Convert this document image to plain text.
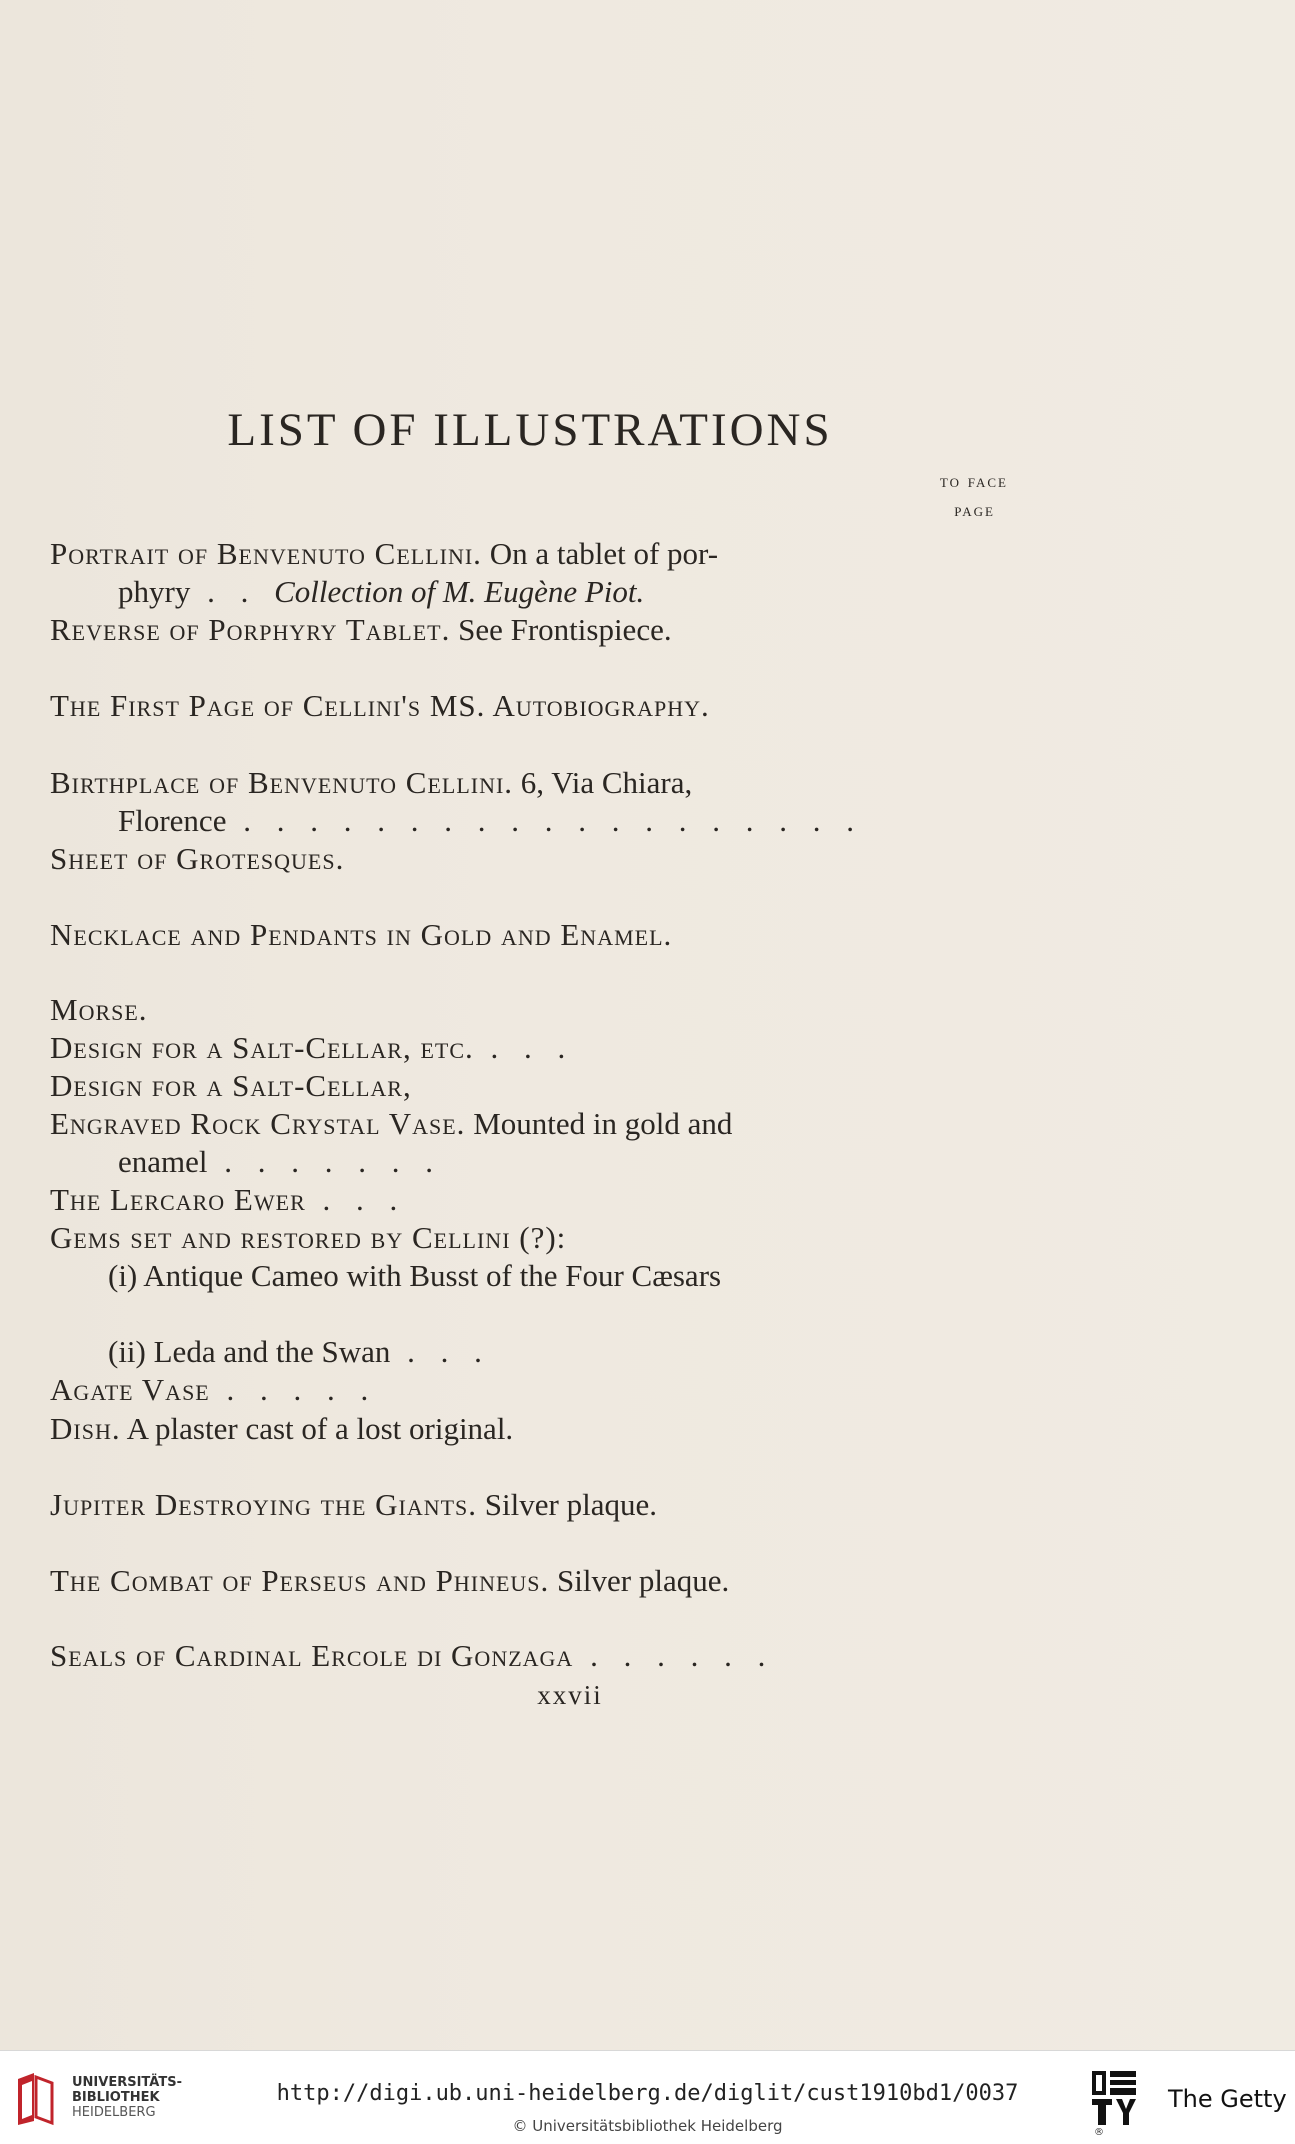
LIST OF ILLUSTRATIONS
to face
page
Portrait of Benvenuto Cellini. On a tablet of por-
phyry . . Collection of M. Eugène Piot.
Reverse of Porphyry Tablet. See Frontispiece.
The First Page of Cellini's MS. Autobiography.
Birthplace of Benvenuto Cellini. 6, Via Chiara,
Florence . . . . . . . . . . . . . . . . . . .
Sheet of Grotesques.
Necklace and Pendants in Gold and Enamel.
Morse.
Design for a Salt-Cellar, etc. . . .
Design for a Salt-Cellar,
Engraved Rock Crystal Vase. Mounted in gold and
enamel . . . . . . .
The Lercaro Ewer . . .
Gems set and restored by Cellini (?):
(i) Antique Cameo with Busst of the Four Cæsars
(ii) Leda and the Swan . . .
Agate Vase . . . . .
Dish. A plaster cast of a lost original.
Jupiter Destroying the Giants. Silver plaque.
The Combat of Perseus and Phineus. Silver plaque.
Seals of Cardinal Ercole di Gonzaga . . . . . .
xxvii
UNIVERSITÄTS-
BIBLIOTHEK
HEIDELBERG
http://digi.ub.uni-heidelberg.de/diglit/cust1910bd1/0037
© Universitätsbibliothek Heidelberg	®
The Getty
